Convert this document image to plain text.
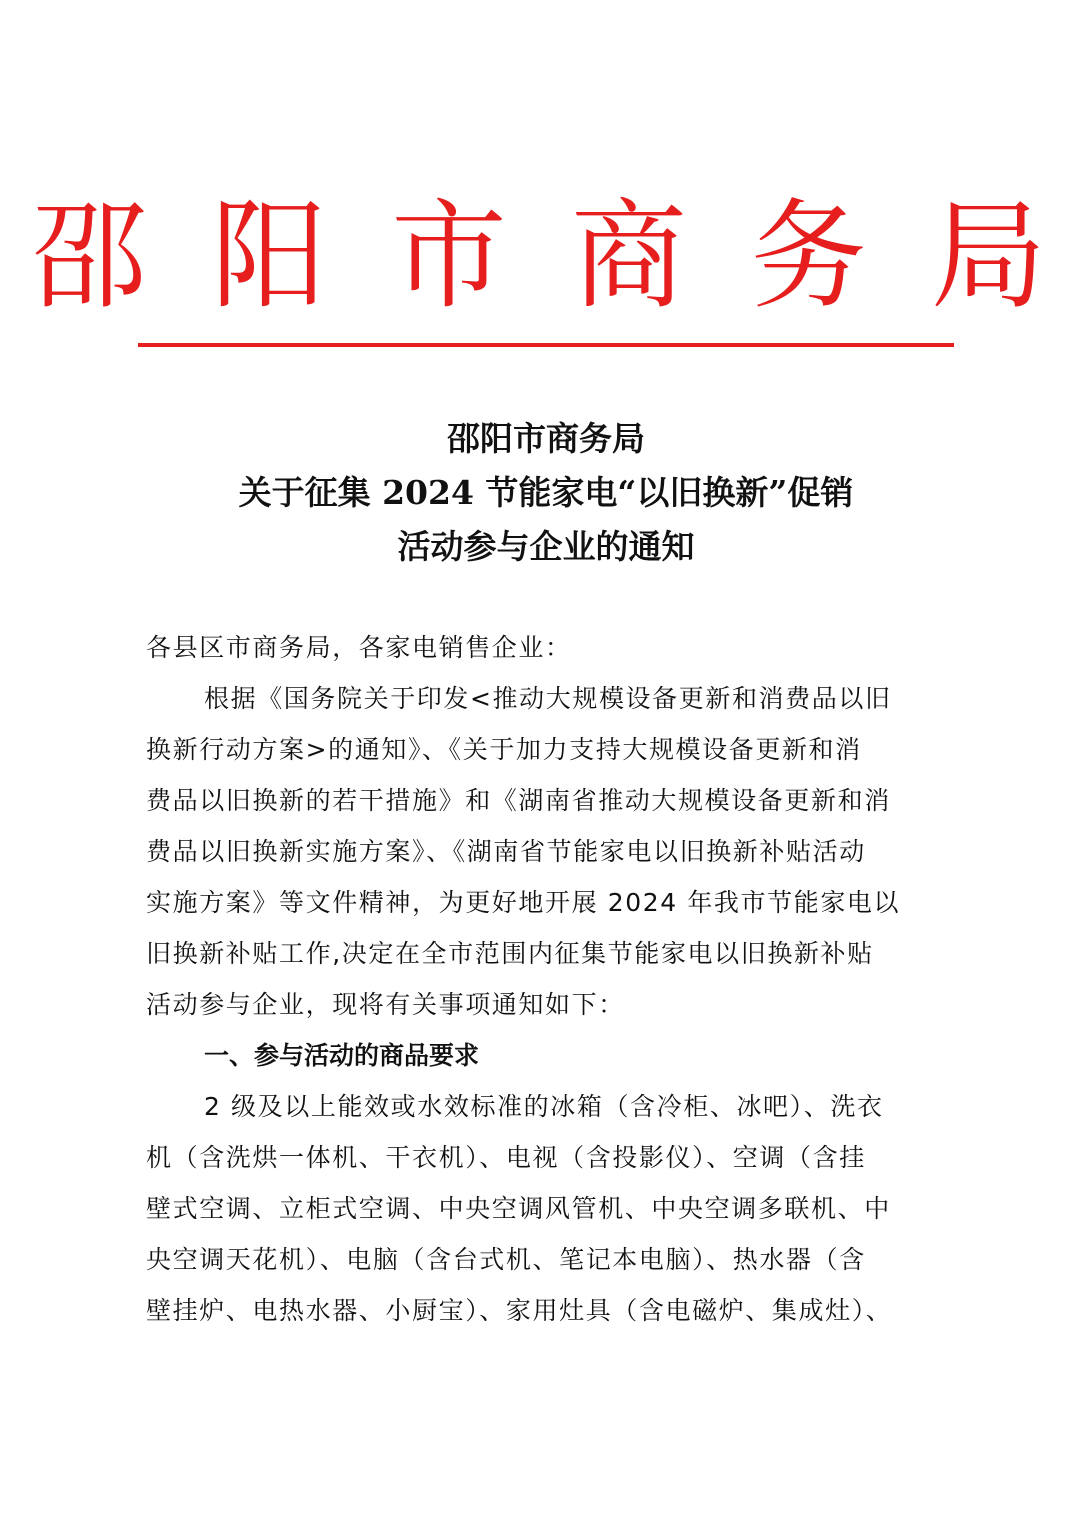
邵 阳 市 商 务 局
邵阳市商务局
关于征集 2024 节能家电“以旧换新”促销
活动参与企业的通知

各县区市商务局，各家电销售企业：

根据《国务院关于印发<推动大规模设备更新和消费品以旧
换新行动方案>的通知》、《关于加力支持大规模设备更新和消
费品以旧换新的若干措施》和《湖南省推动大规模设备更新和消
费品以旧换新实施方案》、《湖南省节能家电以旧换新补贴活动
实施方案》等文件精神，为更好地开展 2024 年我市节能家电以
旧换新补贴工作,决定在全市范围内征集节能家电以旧换新补贴
活动参与企业，现将有关事项通知如下：

一、参与活动的商品要求

2 级及以上能效或水效标准的冰箱（含冷柜、冰吧）、洗衣
机（含洗烘一体机、干衣机）、电视（含投影仪）、空调（含挂
壁式空调、立柜式空调、中央空调风管机、中央空调多联机、中
央空调天花机）、电脑（含台式机、笔记本电脑）、热水器（含
壁挂炉、电热水器、小厨宝）、家用灶具（含电磁炉、集成灶）、
